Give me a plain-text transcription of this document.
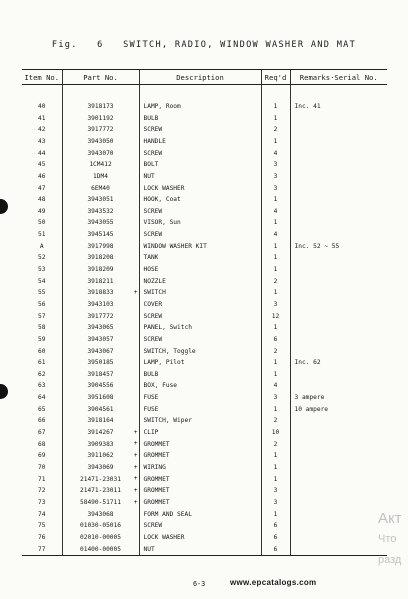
Fig.   6   SWITCH, RADIO, WINDOW WASHER AND MAT
Item No.	Part No.	Description	Req'd	Remarks·Serial No.

40	3918173	LAMP, Room	1	Inc. 41
41	3901192	BULB	1	
42	3917772	SCREW	2	
43	3943050	HANDLE	1	
44	3943070	SCREW	4	
45	1CM412	BOLT	3	
46	1DM4	NUT	3	
47	6EM40	LOCK WASHER	3	
48	3943051	HOOK, Coat	1	
49	3943532	SCREW	4	
50	3943055	VISOR, Sun	1	
51	3945145	SCREW	4	
A	3917998	WINDOW WASHER KIT	1	Inc. 52 ~ 55
52	3918208	TANK	1	
53	3918209	HOSE	1	
54	3918211	NOZZLE	2	
55	3918833 +	SWITCH	1	
56	3943103	COVER	3	
57	3917772	SCREW	12	
58	3943065	PANEL, Switch	1	
59	3943057	SCREW	6	
60	3943067	SWITCH, Toggle	2	
61	3950185	LAMP, Pilot	1	Inc. 62
62	3918457	BULB	1	
63	3904556	BOX, Fuse	4	
64	3951608	FUSE	3	3 ampere
65	3904561	FUSE	1	10 ampere
66	3918164	SWITCH, Wiper	2	
67	3914267 +	CLIP	10	
68	3909383 +	GROMMET	2	
69	3911062 +	GROMMET	1	
70	3943069 +	WIRING	1	
71	21471-23031 +	GROMMET	1	
72	21471-23011 +	GROMMET	3	
73	58490-51711 +	GROMMET	3	
74	3943068	FORM AND SEAL	1	
75	01030-05016	SCREW	6	
76	02010-00005	LOCK WASHER	6	
77	01400-00005	NUT	6	
6-3	www.epcatalogs.com
Акт
Что
разд
